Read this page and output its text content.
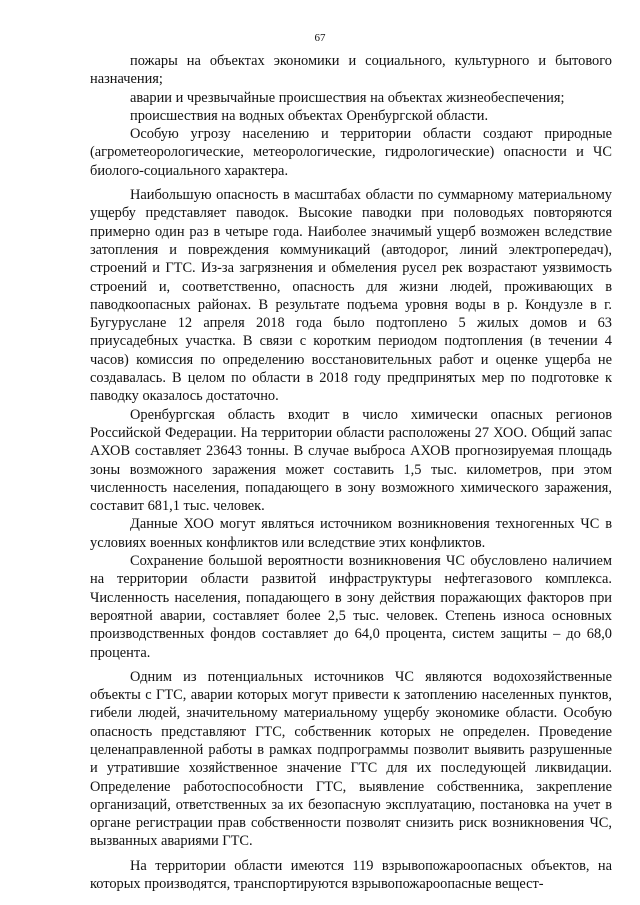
67

пожары на объектах экономики и социального, культурного и бытового назначения;

аварии и чрезвычайные происшествия на объектах жизнеобеспечения;

происшествия на водных объектах Оренбургской области.

Особую угрозу населению и территории области создают природные (агрометеорологические, метеорологические, гидрологические) опасности и ЧС биолого-социального характера.

Наибольшую опасность в масштабах области по суммарному материальному ущербу представляет паводок. Высокие паводки при половодьях повторяются примерно один раз в четыре года. Наиболее значимый ущерб возможен вследствие затопления и повреждения коммуникаций (автодорог, линий электропередач), строений и ГТС. Из-за загрязнения и обмеления русел рек возрастают уязвимость строений и, соответственно, опасность для жизни людей, проживающих в паводкоопасных районах. В результате подъема уровня воды в р. Кондузле в г. Бугуруслане 12 апреля 2018 года было подтоплено 5 жилых домов и 63 приусадебных участка. В связи с коротким периодом подтопления (в течении 4 часов) комиссия по определению восстановительных работ и оценке ущерба не создавалась. В целом по области в 2018 году предпринятых мер по подготовке к паводку оказалось достаточно.

Оренбургская область входит в число химически опасных регионов Российской Федерации. На территории области расположены 27 ХОО. Общий запас АХОВ составляет 23643 тонны. В случае выброса АХОВ прогнозируемая площадь зоны возможного заражения может составить 1,5 тыс. километров, при этом численность населения, попадающего в зону возможного химического заражения, составит 681,1 тыс. человек.

Данные ХОО могут являться источником возникновения техногенных ЧС в условиях военных конфликтов или вследствие этих конфликтов.

Сохранение большой вероятности возникновения ЧС обусловлено наличием на территории области развитой инфраструктуры нефтегазового комплекса. Численность населения, попадающего в зону действия поражающих факторов при вероятной аварии, составляет более 2,5 тыс. человек. Степень износа основных производственных фондов составляет до 64,0 процента, систем защиты – до 68,0 процента.

Одним из потенциальных источников ЧС являются водохозяйственные объекты с ГТС, аварии которых могут привести к затоплению населенных пунктов, гибели людей, значительному материальному ущербу экономике области. Особую опасность представляют ГТС, собственник которых не определен. Проведение целенаправленной работы в рамках подпрограммы позволит выявить разрушенные и утратившие хозяйственное значение ГТС для их последующей ликвидации. Определение работоспособности ГТС, выявление собственника, закрепление организаций, ответственных за их безопасную эксплуатацию, постановка на учет в органе регистрации прав собственности позволят снизить риск возникновения ЧС, вызванных авариями ГТС.

На территории области имеются 119 взрывопожароопасных объектов, на которых производятся, транспортируются взрывопожароопасные вещест-
